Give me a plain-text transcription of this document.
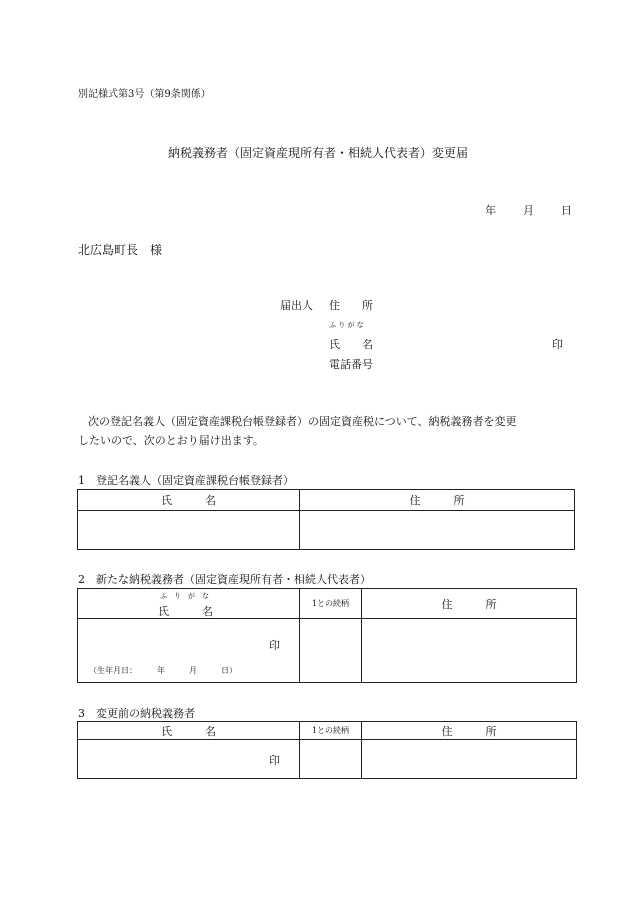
別記様式第3号（第9条関係）
納税義務者（固定資産現所有者・相続人代表者）変更届
年 月 日
北広島町長　様
届出人 住　　所
ふ り が な
氏　　名	印
電話番号
次の登記名義人（固定資産課税台帳登録者）の固定資産税について、納税義務者を変更
したいので、次のとおり届け出ます。
1　登記名義人（固定資産課税台帳登録者）
氏　　　名	住　　　所

2　新たな納税義務者（固定資産現所有者・相続人代表者）
ふ　り　が　な
氏　　　名	1との続柄	住　　　所

印
（生年月日：　　　年　　　月　　　日）		

3　変更前の納税義務者
氏　　　名	1との続柄	住　　　所

印		
